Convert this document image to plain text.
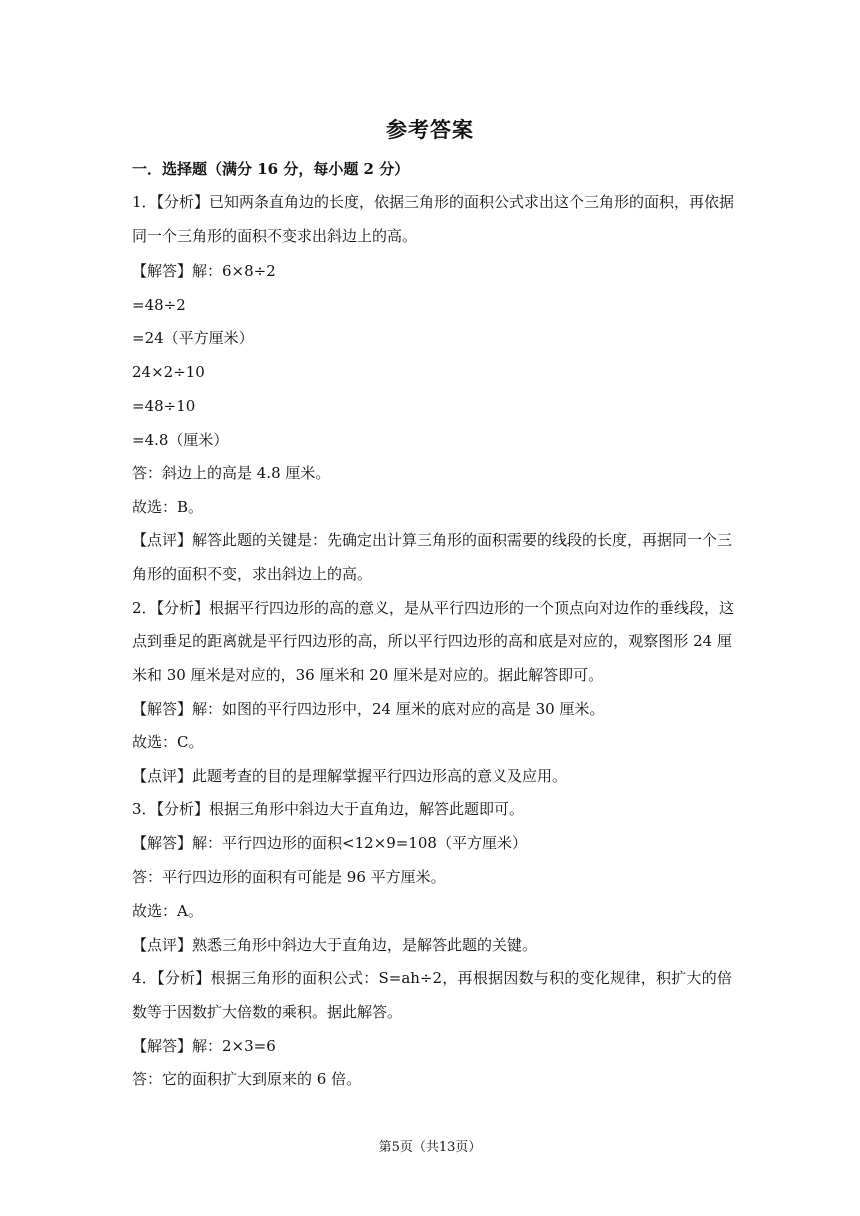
参考答案
一．选择题（满分 16 分，每小题 2 分）
1．【分析】已知两条直角边的长度，依据三角形的面积公式求出这个三角形的面积，再依据
同一个三角形的面积不变求出斜边上的高。
【解答】解：6×8÷2
=48÷2
=24（平方厘米）
24×2÷10
=48÷10
=4.8（厘米）
答：斜边上的高是 4.8 厘米。
故选：B。
【点评】解答此题的关键是：先确定出计算三角形的面积需要的线段的长度，再据同一个三
角形的面积不变，求出斜边上的高。
2．【分析】根据平行四边形的高的意义，是从平行四边形的一个顶点向对边作的垂线段，这
点到垂足的距离就是平行四边形的高，所以平行四边形的高和底是对应的，观察图形 24 厘
米和 30 厘米是对应的，36 厘米和 20 厘米是对应的。据此解答即可。
【解答】解：如图的平行四边形中，24 厘米的底对应的高是 30 厘米。
故选：C。
【点评】此题考查的目的是理解掌握平行四边形高的意义及应用。
3．【分析】根据三角形中斜边大于直角边，解答此题即可。
【解答】解：平行四边形的面积<12×9=108（平方厘米）
答：平行四边形的面积有可能是 96 平方厘米。
故选：A。
【点评】熟悉三角形中斜边大于直角边，是解答此题的关键。
4．【分析】根据三角形的面积公式：S=ah÷2，再根据因数与积的变化规律，积扩大的倍
数等于因数扩大倍数的乘积。据此解答。
【解答】解：2×3=6
答：它的面积扩大到原来的 6 倍。
第5页（共13页）
